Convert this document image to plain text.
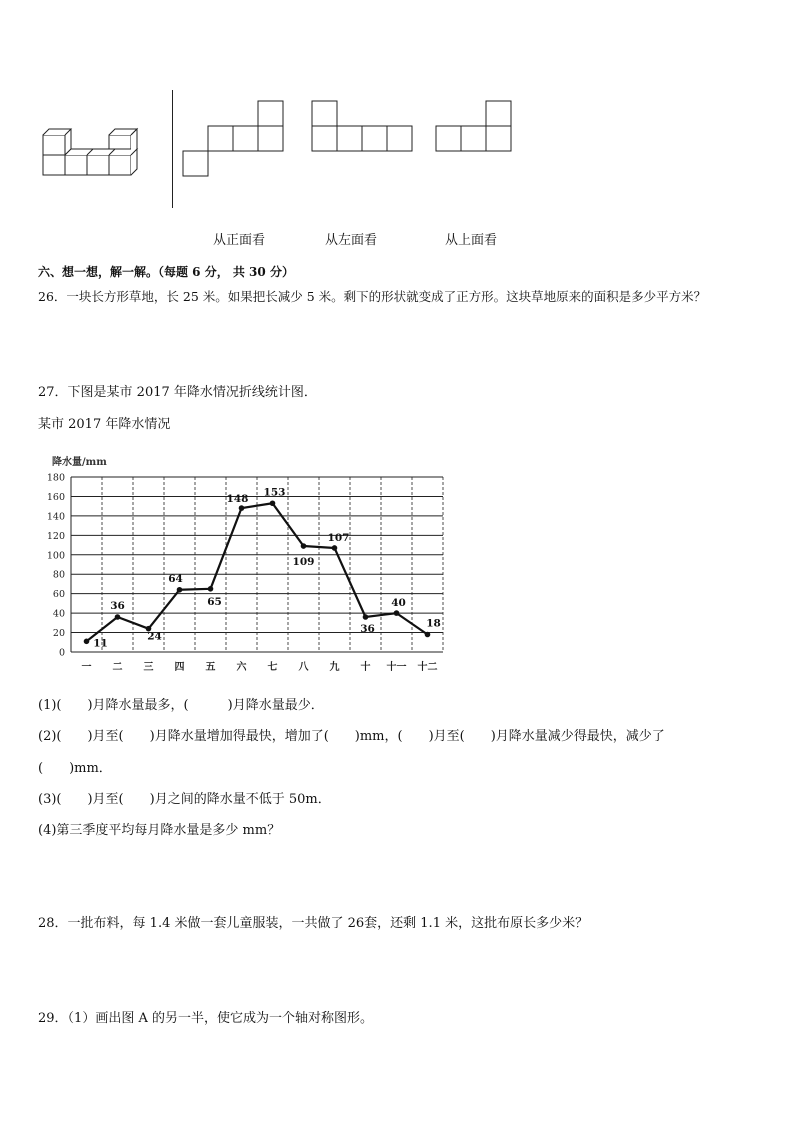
从正面看	从左面看	从上面看
六、想一想，解一解。（每题 6 分， 共 30 分）
26．一块长方形草地，长 25 米。如果把长减少 5 米。剩下的形状就变成了正方形。这块草地原来的面积是多少平方米？
27．下图是某市 2017 年降水情况折线统计图．
某市 2017 年降水情况
降水量/mm
0
20
40
60
80
100
120
140
160
180
一 二 三 四 五 六 七 八 九 十 十一 十二
11
36
24
64
65
148
153
109
107
36
40
18
(1)(　　)月降水量最多，(　　　)月降水量最少．
(2)(　　)月至(　　)月降水量增加得最快，增加了(　　)mm，(　　)月至(　　)月降水量减少得最快，减少了
(　　)mm．
(3)(　　)月至(　　)月之间的降水量不低于 50m．
(4)第三季度平均每月降水量是多少 mm？
28．一批布料，每 1.4 米做一套儿童服装，一共做了 26套，还剩 1.1 米，这批布原长多少米？
29．（1）画出图 A 的另一半，使它成为一个轴对称图形。
